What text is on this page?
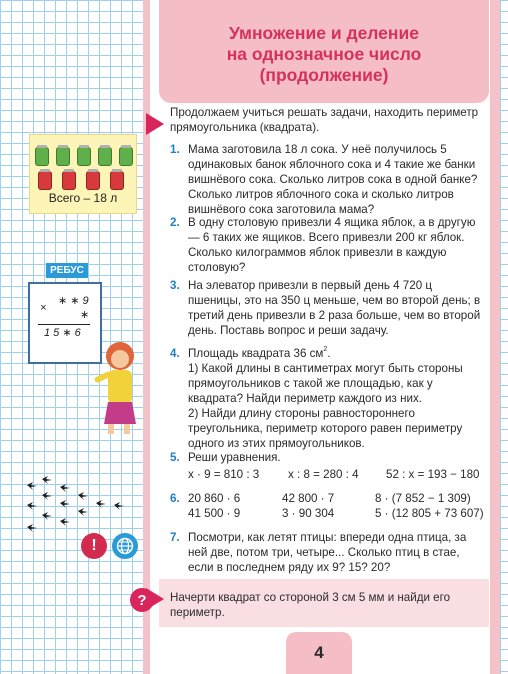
Умножение и деление
на однозначное число
(продолжение)
Продолжаем учиться решать задачи, находить периметр прямоугольника (квадрата).
1. Мама заготовила 18 л сока. У неё получилось 5 одинаковых банок яблочного сока и 4 такие же банки вишнёвого сока. Сколько литров сока в одной банке? Сколько литров яблочного сока и сколько литров вишнёвого сока заготовила мама?
2. В одну столовую привезли 4 ящика яблок, а в другую — 6 таких же ящиков. Всего привезли 200 кг яблок. Сколько килограммов яблок привезли в каждую столовую?
3. На элеватор привезли в первый день 4 720 ц пшеницы, это на 350 ц меньше, чем во второй день; в третий день привезли в 2 раза больше, чем во второй день. Поставь вопрос и реши задачу.
4. Площадь квадрата 36 $см^2$.
1) Какой длины в сантиметрах могут быть стороны прямоугольников с такой же площадью, как у квадрата? Найди периметр каждого из них.
2) Найди длину стороны равностороннего треугольника, периметр которого равен периметру одного из этих прямоугольников.
5. Реши уравнения.
x · 9 = 810 : 3 x : 8 = 280 : 4 52 : x = 193 − 180
6. 20 860 · 6
41 500 · 9
42 800 · 7
3 · 90 304
8 · (7 852 − 1 309)
5 · (12 805 + 73 607)
7. Посмотри, как летят птицы: впереди одна птица, за ней две, потом три, четыре... Сколько птиц в стае, если в последнем ряду их 9? 15? 20?
?	Начерти квадрат со стороной 3 см 5 мм и найди его периметр.
4
Всего – 18 л
РЕБУС
∗ ∗ 9
×
∗
1 5 ∗ 6
!
